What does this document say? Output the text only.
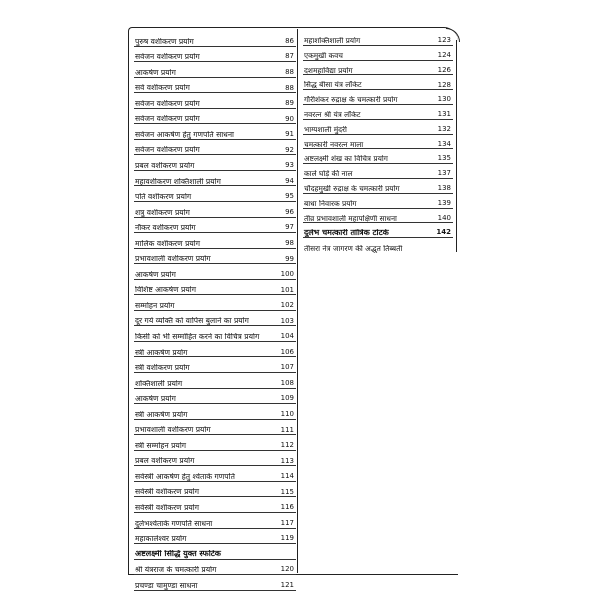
पुरुष वशीकरण प्रयोग	86
सर्वजन वशीकरण प्रयोग	87
आकर्षण प्रयोग	88
सर्व वशीकरण प्रयोग	88
सर्वजन वशीकरण प्रयोग	89
सर्वजन वशीकरण प्रयोग	90
सर्वजन आकर्षण हेतु गणपति साधना	91
सर्वजन वशीकरण प्रयोग	92
प्रबल वशीकरण प्रयोग	93
महावशीकरण शक्तिशाली प्रयोग	94
पति वशीकरण प्रयोग	95
शत्रु वशीकरण प्रयोग	96
नौकर वशीकरण प्रयोग	97
मालिक वशीकरण प्रयोग	98
प्रभावशाली वशीकरण प्रयोग	99
आकर्षण प्रयोग	100
विशिष्ट आकर्षण प्रयोग	101
सम्मोहन प्रयोग	102
दूर गये व्यक्ति को वापिस बुलाने का प्रयोग	103
किसी को भी सम्मोहित करने का विचित्र प्रयोग	104
स्त्री आकर्षण प्रयोग	106
स्त्री वशीकरण प्रयोग	107
शक्तिशाली प्रयोग	108
आकर्षण प्रयोग	109
स्त्री आकर्षण प्रयोग	110
प्रभावशाली वशीकरण प्रयोग	111
स्त्री सम्मोहन प्रयोग	112
प्रबल वशीकरण प्रयोग	113
सर्वस्त्री आकर्षण हेतु श्वेतार्क गणपति	114
सर्वस्त्री वशीकरण प्रयोग	115
सर्वस्त्री वशीकरण प्रयोग	116
दुर्लभश्वेतार्क गणपति साधना	117
महाकालेश्वर प्रयोग	119
अष्टलक्ष्मी सिद्धि युक्त स्फटिक
श्री यंत्रराज के चमत्कारी प्रयोग	120
प्रचण्डा चामुण्डा साधना	121
महाशक्तिशाली प्रयोग	123
एकमुखी कवच	124
दशमहाविद्या प्रयोग	126
सिद्ध बीसा यंत्र लॉकेट	128
गौरीशंकर रुद्राक्ष के चमत्कारी प्रयोग	130
नवरत्न श्री यंत्र लॉकेट	131
भाग्यशाली मुंदरी	132
चमत्कारी नवरत्न माला	134
अष्टलक्ष्मी शंख का विचित्र प्रयोग	135
काले घोड़े की नाल	137
चौदहमुखी रुद्राक्ष के चमत्कारी प्रयोग	138
बाधा निवारक प्रयोग	139
तीव्र प्रभावशाली महापक्षिणी साधना	140
दुर्लभ चमत्कारी तांत्रिक टोटके	142
तीसरा नेत्र जागरण की अद्भुत तिब्बती
